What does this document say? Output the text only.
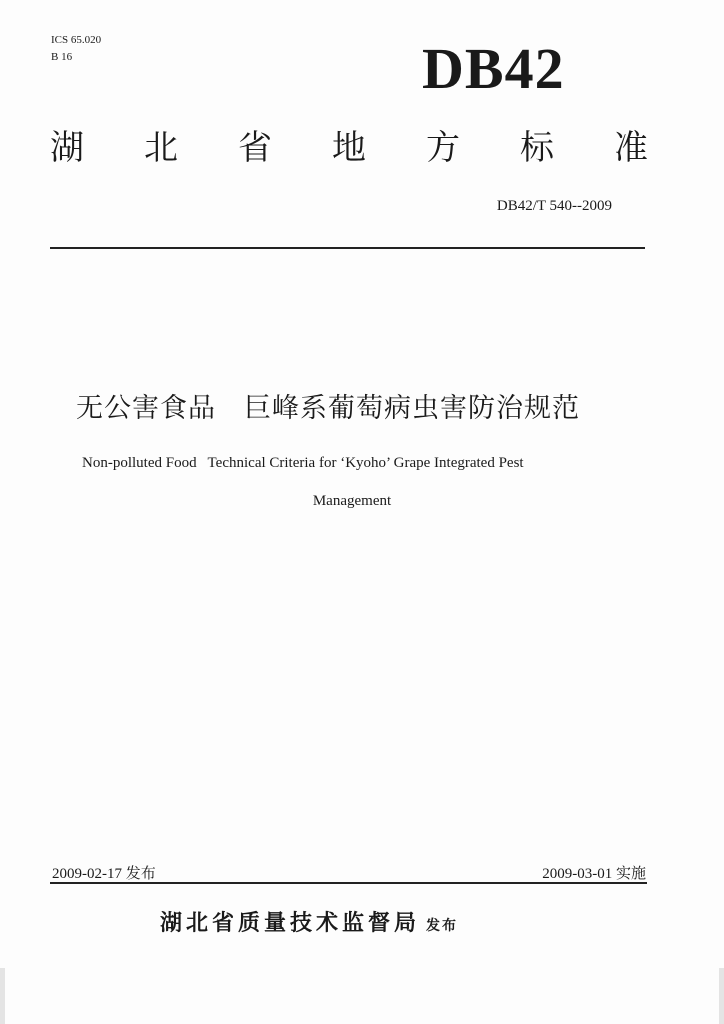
ICS 65.020
B 16	DB42
湖 北 省 地 方 标 准
DB42/T 540--2009
无公害食品　巨峰系葡萄病虫害防治规范
Non-polluted Food   Technical Criteria for ‘Kyoho’ Grape Integrated Pest
Management
2009-02-17 发布	2009-03-01 实施
湖北省质量技术监督局 发布
